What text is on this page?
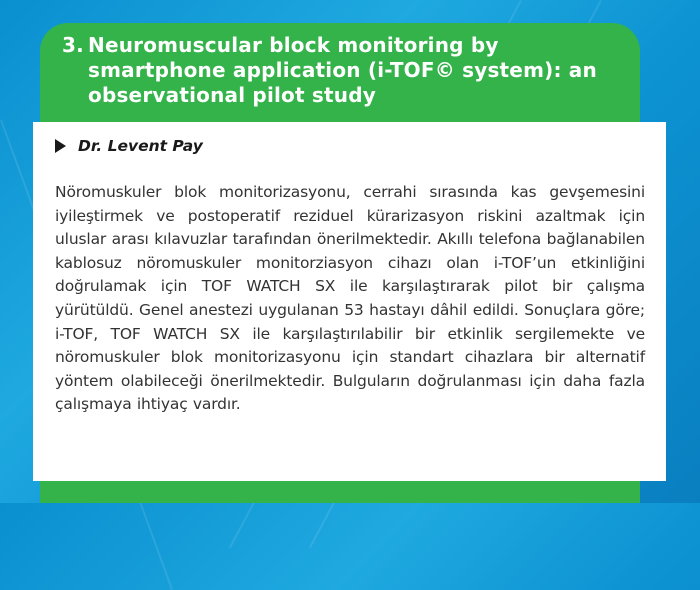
3. Neuromuscular block monitoring by smartphone application (i-TOF© system): an observational pilot study
Dr. Levent Pay

Nöromuskuler blok monitorizasyonu, cerrahi sırasında kas gevşemesini iyileştirmek ve postoperatif reziduel kürarizasyon riskini azaltmak için uluslar arası kılavuzlar tarafından önerilmektedir. Akıllı telefona bağlanabilen kablosuz nöromuskuler monitorziasyon cihazı olan i-TOF’un etkinliğini doğrulamak için TOF WATCH SX ile karşılaştırarak pilot bir çalışma yürütüldü. Genel anestezi uygulanan 53 hastayı dâhil edildi. Sonuçlara göre; i-TOF, TOF WATCH SX ile karşılaştırılabilir bir etkinlik sergilemekte ve nöromuskuler blok monitorizasyonu için standart cihazlara bir alternatif yöntem olabileceği önerilmektedir. Bulguların doğrulanması için daha fazla çalışmaya ihtiyaç vardır.
